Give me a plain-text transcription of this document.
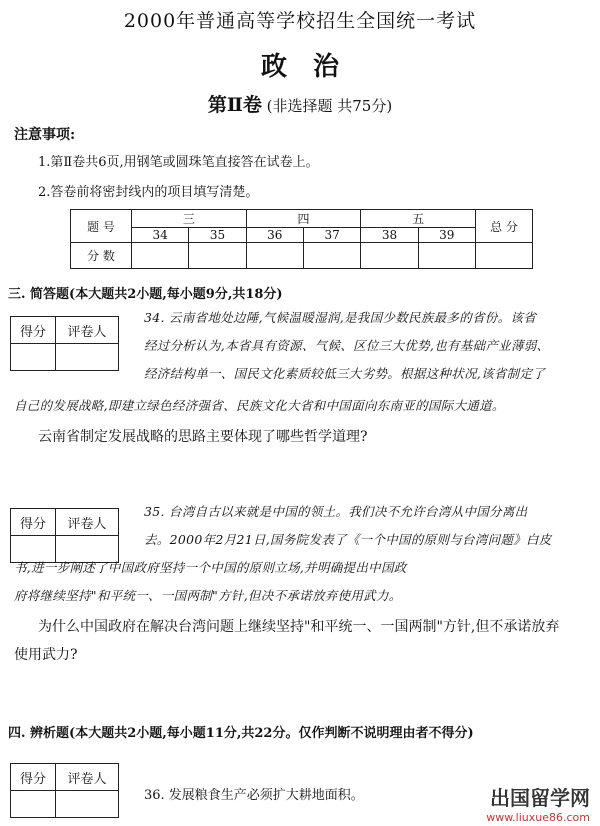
2000年普通高等学校招生全国统一考试
政治
第Ⅱ卷 (非选择题 共75分)
注意事项:
1.第Ⅱ卷共6页,用钢笔或圆珠笔直接答在试卷上。
2.答卷前将密封线内的项目填写清楚。
题 号	三		四		五		总 分
	34	35	36	37	38	39	
分 数							
三. 简答题(本大题共2小题,每小题9分,共18分)
得分	评卷人

34. 云南省地处边陲,气候温暖湿润,是我国少数民族最多的省份。该省
经过分析认为,本省具有资源、气候、区位三大优势,也有基础产业薄弱、
经济结构单一、国民文化素质较低三大劣势。根据这种状况,该省制定了
自己的发展战略,即建立绿色经济强省、民族文化大省和中国面向东南亚的国际大通道。
云南省制定发展战略的思路主要体现了哪些哲学道理?
得分	评卷人

35. 台湾自古以来就是中国的领土。我们决不允许台湾从中国分离出
去。2000年2月21日,国务院发表了《一个中国的原则与台湾问题》白皮
书,进一步阐述了中国政府坚持一个中国的原则立场,并明确提出中国政
府将继续坚持"和平统一、一国两制"方针,但决不承诺放弃使用武力。
为什么中国政府在解决台湾问题上继续坚持"和平统一、一国两制"方针,但不承诺放弃
使用武力?
四. 辨析题(本大题共2小题,每小题11分,共22分。仅作判断不说明理由者不得分)
得分	评卷人

36. 发展粮食生产必须扩大耕地面积。	出国留学网
www.liuxue86.com
